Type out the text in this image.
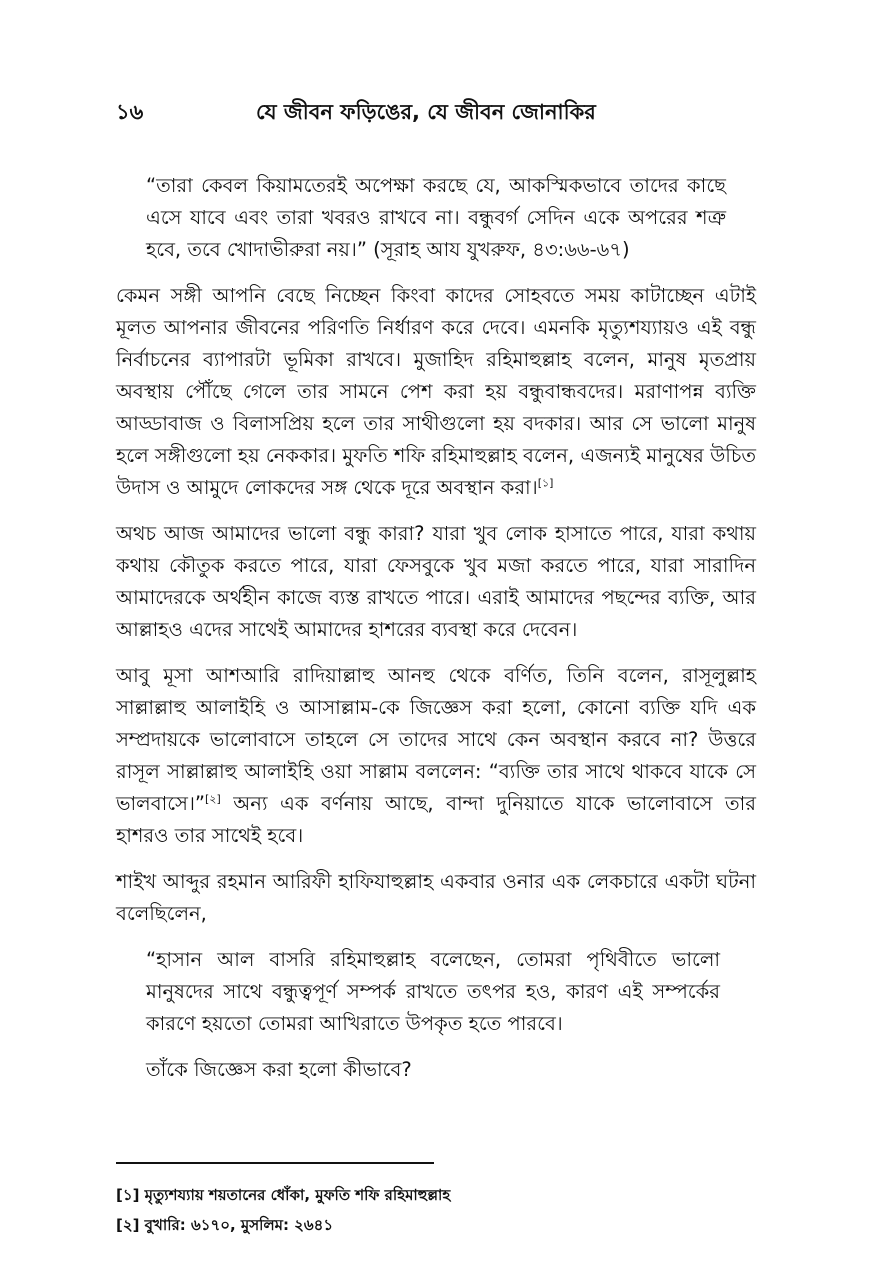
১৬	যে জীবন ফড়িঙের, যে জীবন জোনাকির

“তারা কেবল কিয়ামতেরই অপেক্ষা করছে যে, আকস্মিকভাবে তাদের কাছে এসে যাবে এবং তারা খবরও রাখবে না। বন্ধুবর্গ সেদিন একে অপরের শত্রু হবে, তবে খোদাভীরুরা নয়।” (সূরাহ আয যুখরুফ, ৪৩:৬৬-৬৭)

কেমন সঙ্গী আপনি বেছে নিচ্ছেন কিংবা কাদের সোহবতে সময় কাটাচ্ছেন এটাই মূলত আপনার জীবনের পরিণতি নির্ধারণ করে দেবে। এমনকি মৃত্যুশয্যায়ও এই বন্ধু নির্বাচনের ব্যাপারটা ভূমিকা রাখবে। মুজাহিদ রহিমাহুল্লাহ বলেন, মানুষ মৃতপ্রায় অবস্থায় পৌঁছে গেলে তার সামনে পেশ করা হয় বন্ধুবান্ধবদের। মরাণাপন্ন ব্যক্তি আড্ডাবাজ ও বিলাসপ্রিয় হলে তার সাথীগুলো হয় বদকার। আর সে ভালো মানুষ হলে সঙ্গীগুলো হয় নেককার। মুফতি শফি রহিমাহুল্লাহ বলেন, এজন্যই মানুষের উচিত উদাস ও আমুদে লোকদের সঙ্গ থেকে দূরে অবস্থান করা।[১]

অথচ আজ আমাদের ভালো বন্ধু কারা? যারা খুব লোক হাসাতে পারে, যারা কথায় কথায় কৌতুক করতে পারে, যারা ফেসবুকে খুব মজা করতে পারে, যারা সারাদিন আমাদেরকে অর্থহীন কাজে ব্যস্ত রাখতে পারে। এরাই আমাদের পছন্দের ব্যক্তি, আর আল্লাহও এদের সাথেই আমাদের হাশরের ব্যবস্থা করে দেবেন।

আবু মূসা আশআরি রাদিয়াল্লাহু আনহু থেকে বর্ণিত, তিনি বলেন, রাসূলুল্লাহ সাল্লাল্লাহু আলাইহি ও আসাল্লাম-কে জিজ্ঞেস করা হলো, কোনো ব্যক্তি যদি এক সম্প্রদায়কে ভালোবাসে তাহলে সে তাদের সাথে কেন অবস্থান করবে না? উত্তরে রাসূল সাল্লাল্লাহু আলাইহি ওয়া সাল্লাম বললেন: “ব্যক্তি তার সাথে থাকবে যাকে সে ভালবাসে।”[২] অন্য এক বর্ণনায় আছে, বান্দা দুনিয়াতে যাকে ভালোবাসে তার হাশরও তার সাথেই হবে।

শাইখ আব্দুর রহমান আরিফী হাফিযাহুল্লাহ একবার ওনার এক লেকচারে একটা ঘটনা বলেছিলেন,

“হাসান আল বাসরি রহিমাহুল্লাহ বলেছেন, তোমরা পৃথিবীতে ভালো মানুষদের সাথে বন্ধুত্বপূর্ণ সম্পর্ক রাখতে তৎপর হও, কারণ এই সম্পর্কের কারণে হয়তো তোমরা আখিরাতে উপকৃত হতে পারবে।

তাঁকে জিজ্ঞেস করা হলো কীভাবে?

[১] মৃত্যুশয্যায় শয়তানের ধোঁকা, মুফতি শফি রহিমাহুল্লাহ
[২] বুখারি: ৬১৭০, মুসলিম: ২৬৪১
